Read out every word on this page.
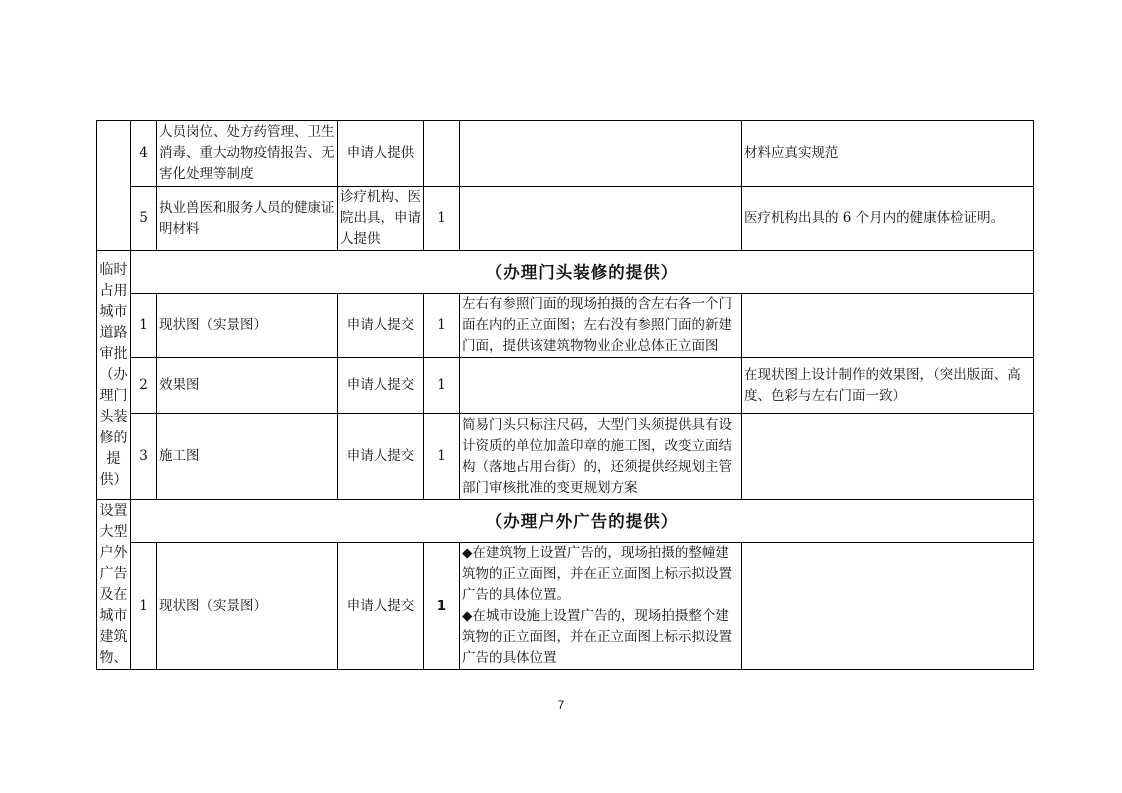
	4	人员岗位、处方药管理、卫生消毒、重大动物疫情报告、无害化处理等制度	申请人提供			材料应真实规范
	5	执业兽医和服务人员的健康证明材料	诊疗机构、医院出具，申请人提供	1		医疗机构出具的 6 个月内的健康体检证明。
临时占用城市道路审批（办理门头装修的提供）	（办理门头装修的提供）					
	1	现状图（实景图）	申请人提交	1	左右有参照门面的现场拍摄的含左右各一个门面在内的正立面图；左右没有参照门面的新建门面，提供该建筑物物业企业总体正立面图	
	2	效果图	申请人提交	1		在现状图上设计制作的效果图，（突出版面、高度、色彩与左右门面一致）
	3	施工图	申请人提交	1	简易门头只标注尺码，大型门头须提供具有设计资质的单位加盖印章的施工图，改变立面结构（落地占用台街）的，还须提供经规划主管部门审核批准的变更规划方案	
设置大型户外广告及在城市建筑物、	（办理户外广告的提供）					
	1	现状图（实景图）	申请人提交	1	◆在建筑物上设置广告的，现场拍摄的整幢建筑物的正立面图，并在正立面图上标示拟设置广告的具体位置。
◆在城市设施上设置广告的，现场拍摄整个建筑物的正立面图，并在正立面图上标示拟设置广告的具体位置	
7
